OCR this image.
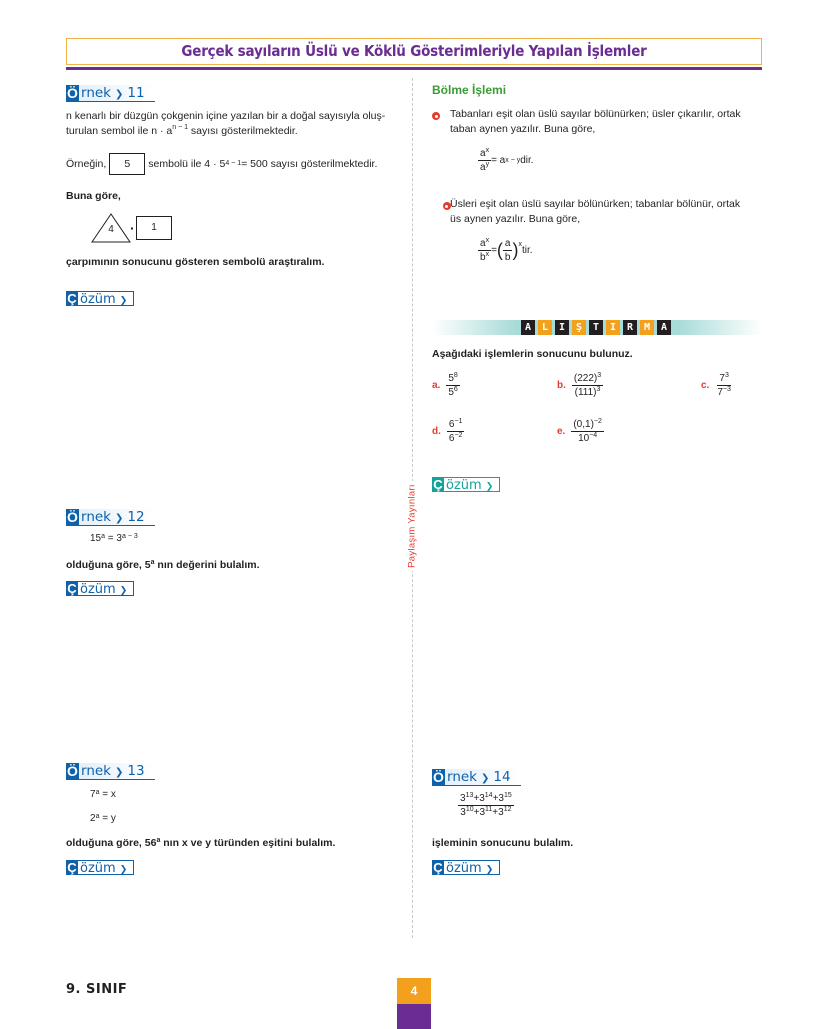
Gerçek sayıların Üslü ve Köklü Gösterimleriyle Yapılan İşlemler
Paylaşım Yayınları
Ö rnek ❯ 11

n kenarlı bir düzgün çokgenin içine yazılan bir a doğal sayısıyla oluş-

turulan sembol ile $n \cdot a^{n - 1}$ sayısı gösterilmektedir.

Örneğin,	5	sembolü ile 4 · 5 4 − 1 = 500 sayısı gösterilmektedir.
Buna göre,
4	·	1
çarpımının sonucunu gösteren sembolü araştıralım.
Ç özüm ❯
Ö rnek ❯ 12
$15^a = 3^{a - 3}$
olduğuna göre, 5$^a$ nın değerini bulalım.
Ç özüm ❯
Ö rnek ❯ 13
$7^a = x$
$2^a = y$
olduğuna göre, 56$^a$ nın x ve y türünden eşitini bulalım.
Ç özüm ❯
Bölme İşlemi

Tabanları eşit olan üslü sayılar bölünürken; üsler çıkarılır, ortak

taban aynen yazılır. Buna göre,

$\frac{a^x}{a^y} = a$ x − y dir.

Üsleri eşit olan üslü sayılar bölünürken; tabanlar bölünür, ortak

üs aynen yazılır. Buna göre,

$\frac{a^x}{b^x}$ = ( $\frac{a}{b} )^x$
tir.
A	L	I	Ş	T	I	R	M	A
Aşağıdaki işlemlerin sonucunu bulunuz.
a. $\frac{5^8}{5^6}$	b. $\frac{(222)^3}{(111)^3}$	c. $\frac{7^3}{7^{-3}}$
d. $\frac{6^{-1}}{6^{-2}}$	e. $\frac{(0,1)^{-2}}{10^{-4}}$
Ç özüm ❯
Ö rnek ❯ 14
$\frac{3^{13}+3^{14}+3^{15}}{3^{10}+3^{11}+3^{12}}$
işleminin sonucunu bulalım.
Ç özüm ❯
9. SINIF	4
